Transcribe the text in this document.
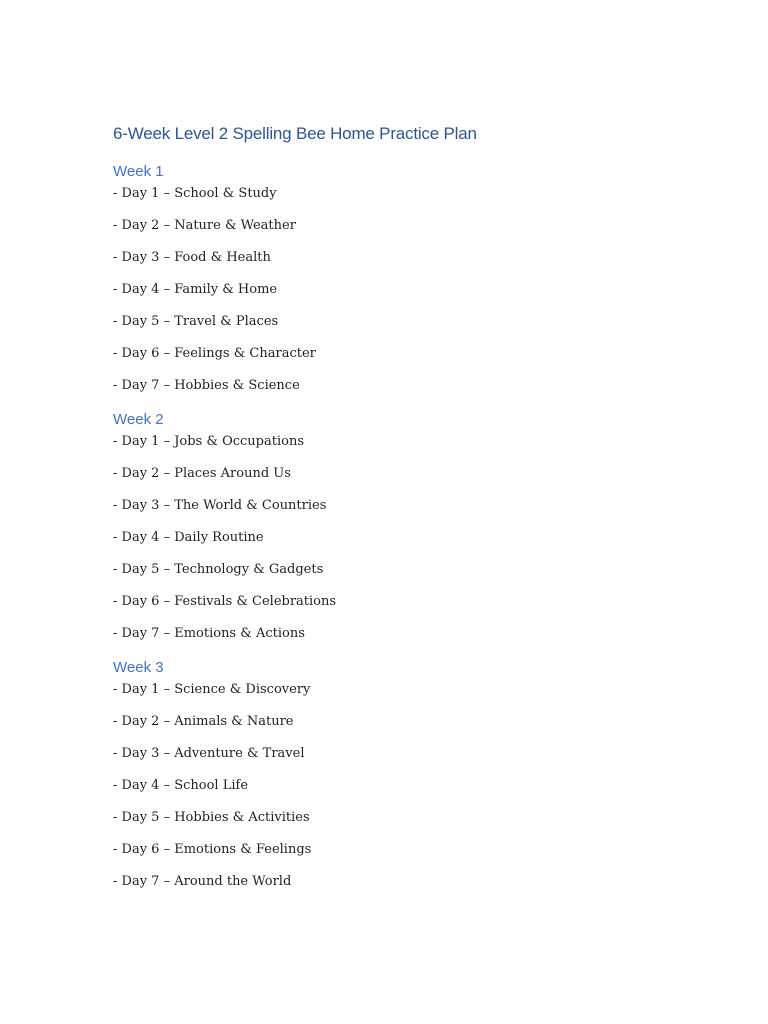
6-Week Level 2 Spelling Bee Home Practice Plan
Week 1

- Day 1 – School & Study

- Day 2 – Nature & Weather

- Day 3 – Food & Health

- Day 4 – Family & Home

- Day 5 – Travel & Places

- Day 6 – Feelings & Character

- Day 7 – Hobbies & Science

Week 2

- Day 1 – Jobs & Occupations

- Day 2 – Places Around Us

- Day 3 – The World & Countries

- Day 4 – Daily Routine

- Day 5 – Technology & Gadgets

- Day 6 – Festivals & Celebrations

- Day 7 – Emotions & Actions

Week 3

- Day 1 – Science & Discovery

- Day 2 – Animals & Nature

- Day 3 – Adventure & Travel

- Day 4 – School Life

- Day 5 – Hobbies & Activities

- Day 6 – Emotions & Feelings

- Day 7 – Around the World
